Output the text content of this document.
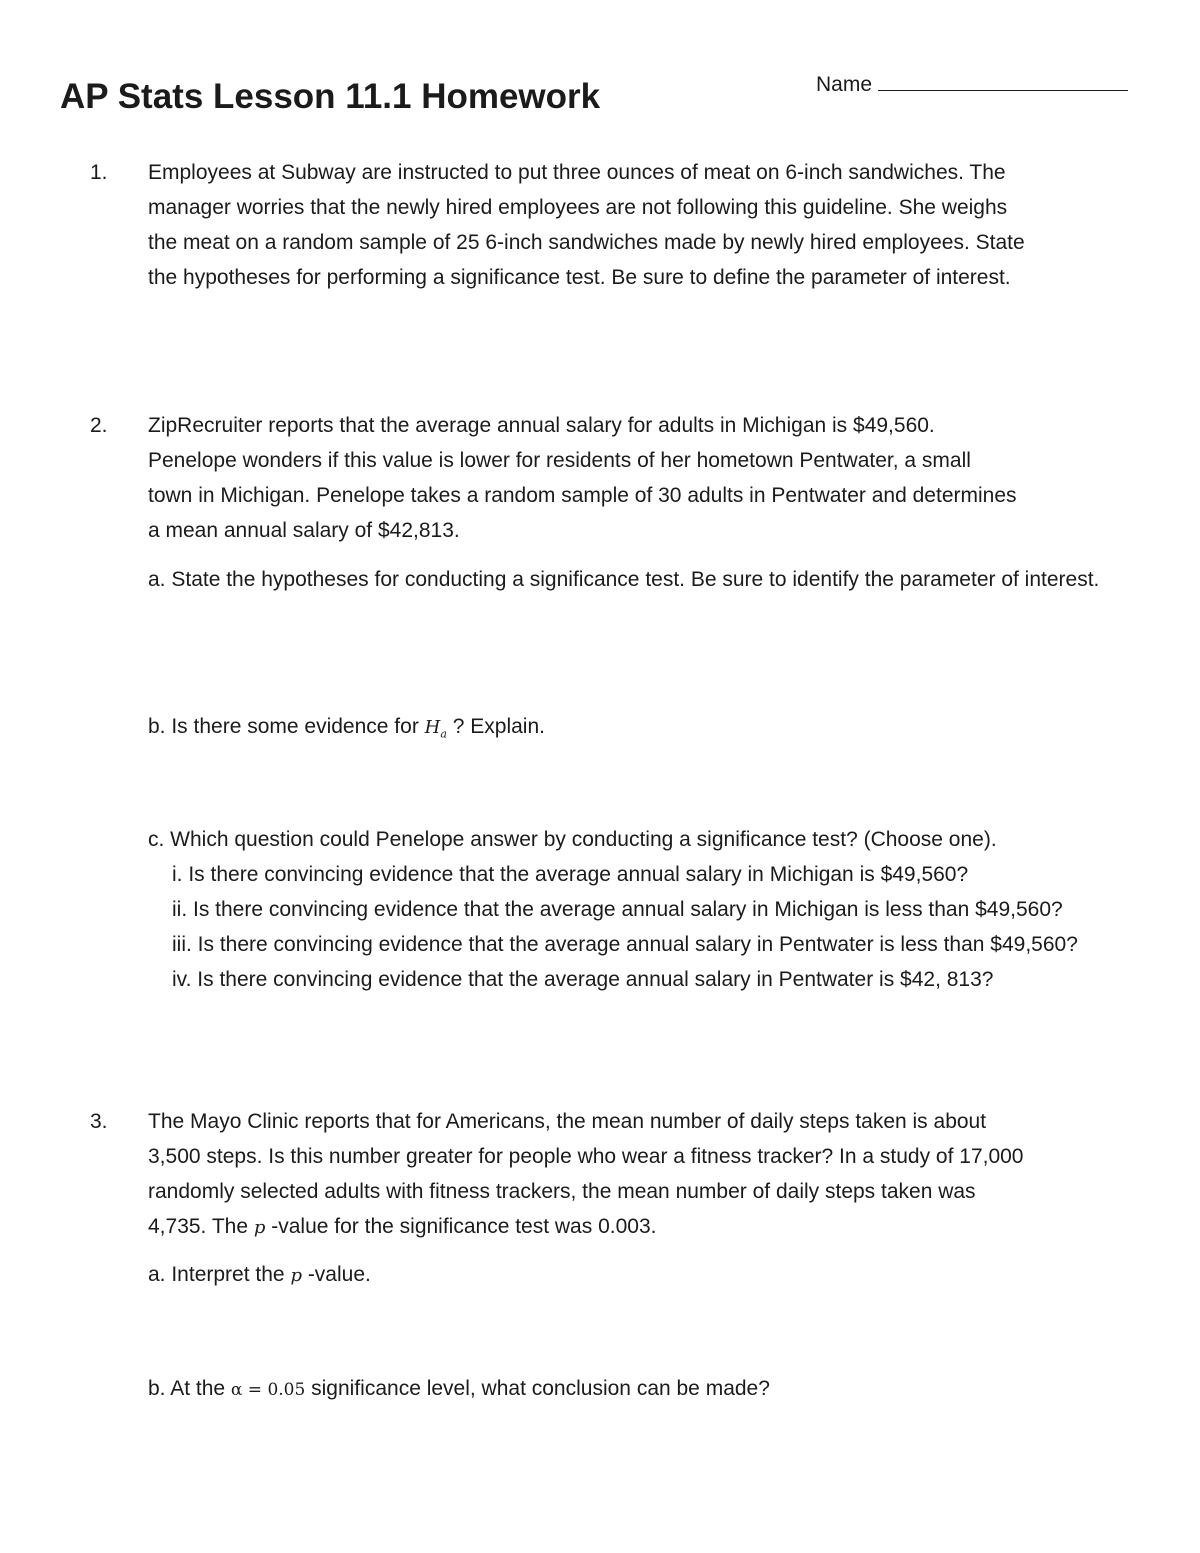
AP Stats Lesson 11.1 Homework	Name
1. Employees at Subway are instructed to put three ounces of meat on 6-inch sandwiches. The

manager worries that the newly hired employees are not following this guideline. She weighs

the meat on a random sample of 25 6-inch sandwiches made by newly hired employees. State

the hypotheses for performing a significance test. Be sure to define the parameter of interest.

2. ZipRecruiter reports that the average annual salary for adults in Michigan is $49,560.

Penelope wonders if this value is lower for residents of her hometown Pentwater, a small

town in Michigan. Penelope takes a random sample of 30 adults in Pentwater and determines

a mean annual salary of $42,813.

a. State the hypotheses for conducting a significance test. Be sure to identify the parameter of interest.
b. Is there some evidence for $H_a$ ? Explain.
c. Which question could Penelope answer by conducting a significance test? (Choose one).
i. Is there convincing evidence that the average annual salary in Michigan is $49,560?
ii. Is there convincing evidence that the average annual salary in Michigan is less than $49,560?
iii. Is there convincing evidence that the average annual salary in Pentwater is less than $49,560?
iv. Is there convincing evidence that the average annual salary in Pentwater is $42, 813?
3. The Mayo Clinic reports that for Americans, the mean number of daily steps taken is about

3,500 steps. Is this number greater for people who wear a fitness tracker? In a study of 17,000

randomly selected adults with fitness trackers, the mean number of daily steps taken was

4,735. The p -value for the significance test was 0.003.

a. Interpret the p -value.
b. At the α = 0.05 significance level, what conclusion can be made?
